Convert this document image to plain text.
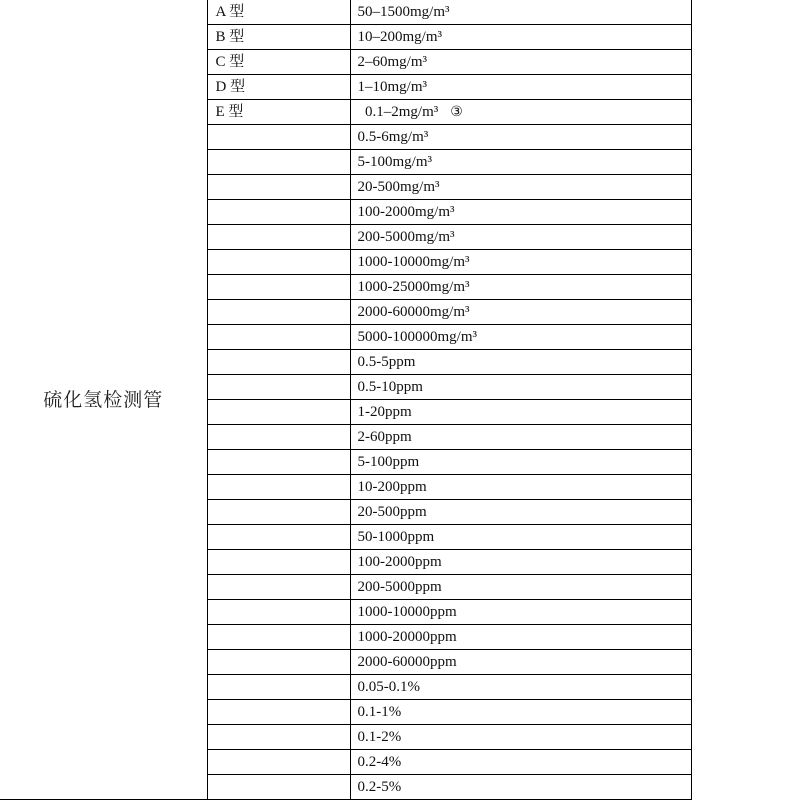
硫化氢检测管	A 型	50–1500mg/m³
	B 型	10–200mg/m³
	C 型	2–60mg/m³
	D 型	1–10mg/m³
	E 型	0.1–2mg/m³ ③
		0.5-6mg/m³
		5-100mg/m³
		20-500mg/m³
		100-2000mg/m³
		200-5000mg/m³
		1000-10000mg/m³
		1000-25000mg/m³
		2000-60000mg/m³
		5000-100000mg/m³
		0.5-5ppm
		0.5-10ppm
		1-20ppm
		2-60ppm
		5-100ppm
		10-200ppm
		20-500ppm
		50-1000ppm
		100-2000ppm
		200-5000ppm
		1000-10000ppm
		1000-20000ppm
		2000-60000ppm
		0.05-0.1%
		0.1-1%
		0.1-2%
		0.2-4%
		0.2-5%
